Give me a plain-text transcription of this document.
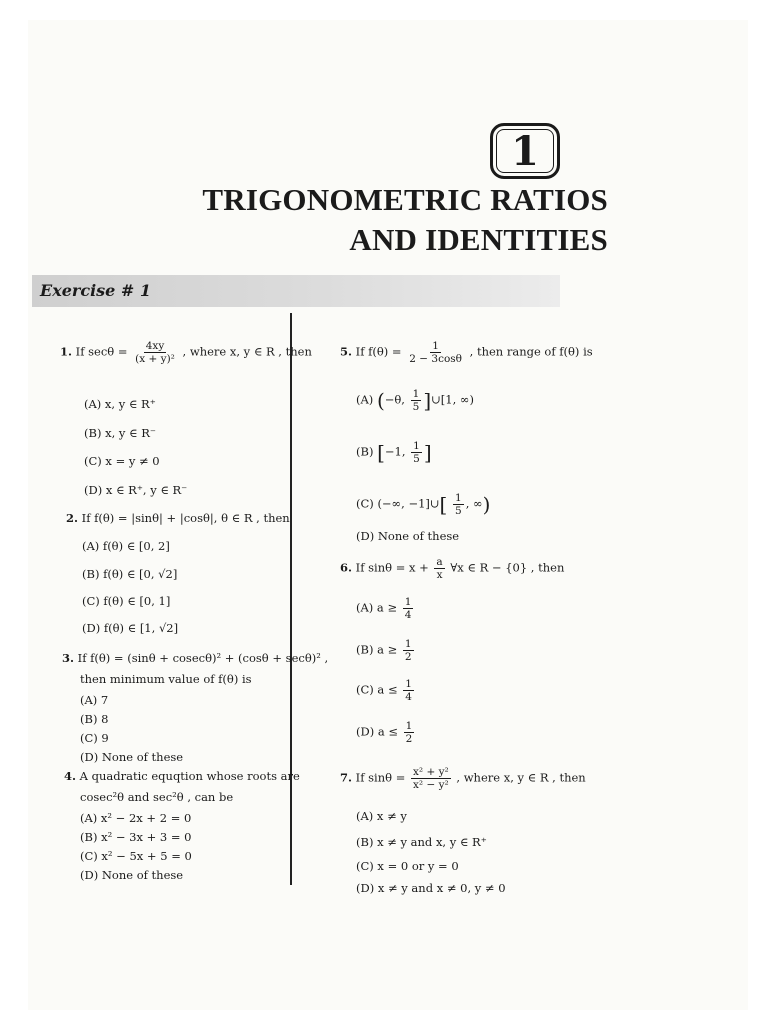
1
TRIGONOMETRIC RATIOS
AND IDENTITIES
Exercise # 1
1. If $\sec\theta = \frac{4xy}{\text{(x + y)²}}$ , where x, y ∈ R , then
(A) x, y ∈ R⁺
(B) x, y ∈ R⁻
(C) x = y ≠ 0
(D) x ∈ R⁺, y ∈ R⁻
2. If f(θ) = |sinθ| + |cosθ|, θ ∈ R , then
(A) f(θ) ∈ [0, 2]
(B) f(θ) ∈ [0, √2]
(C) f(θ) ∈ [0, 1]
(D) f(θ) ∈ [1, √2]
3. If f(θ) = (sinθ + cosecθ)² + (cosθ + secθ)² ,
then minimum value of f(θ) is
(A) 7
(B) 8
(C) 9
(D) None of these
4. A quadratic equqtion whose roots are
cosec²θ and sec²θ , can be
(A) x² − 2x + 2 = 0
(B) x² − 3x + 3 = 0
(C) x² − 5x + 5 = 0
(D) None of these
5. If $f(\theta) = \frac{1}{2 - 3\cos\theta}$ , then range of f(θ) is
(A) (−θ, $\frac{1}{5}$ ]∪[1, ∞)
(B) [−1, $\frac{1}{5}$ ]
(C) (−∞, −1]∪[ $\frac{1}{5}$ , ∞)
(D) None of these
6. If $\sin\theta = x + \frac{a}{x}$ ∀x ∈ R − {0} , then
(A) $a \ge \frac{1}{4}$
(B) $a \ge \frac{1}{2}$
(C) $a \le \frac{1}{4}$
(D) $a \le \frac{1}{2}$
7. If $\sin\theta = \frac{\text{x² + y²}}{\text{x² − y²}}$ , where x, y ∈ R , then
(A) x ≠ y
(B) x ≠ y and x, y ∈ R⁺
(C) x = 0 or y = 0
(D) x ≠ y and x ≠ 0, y ≠ 0
